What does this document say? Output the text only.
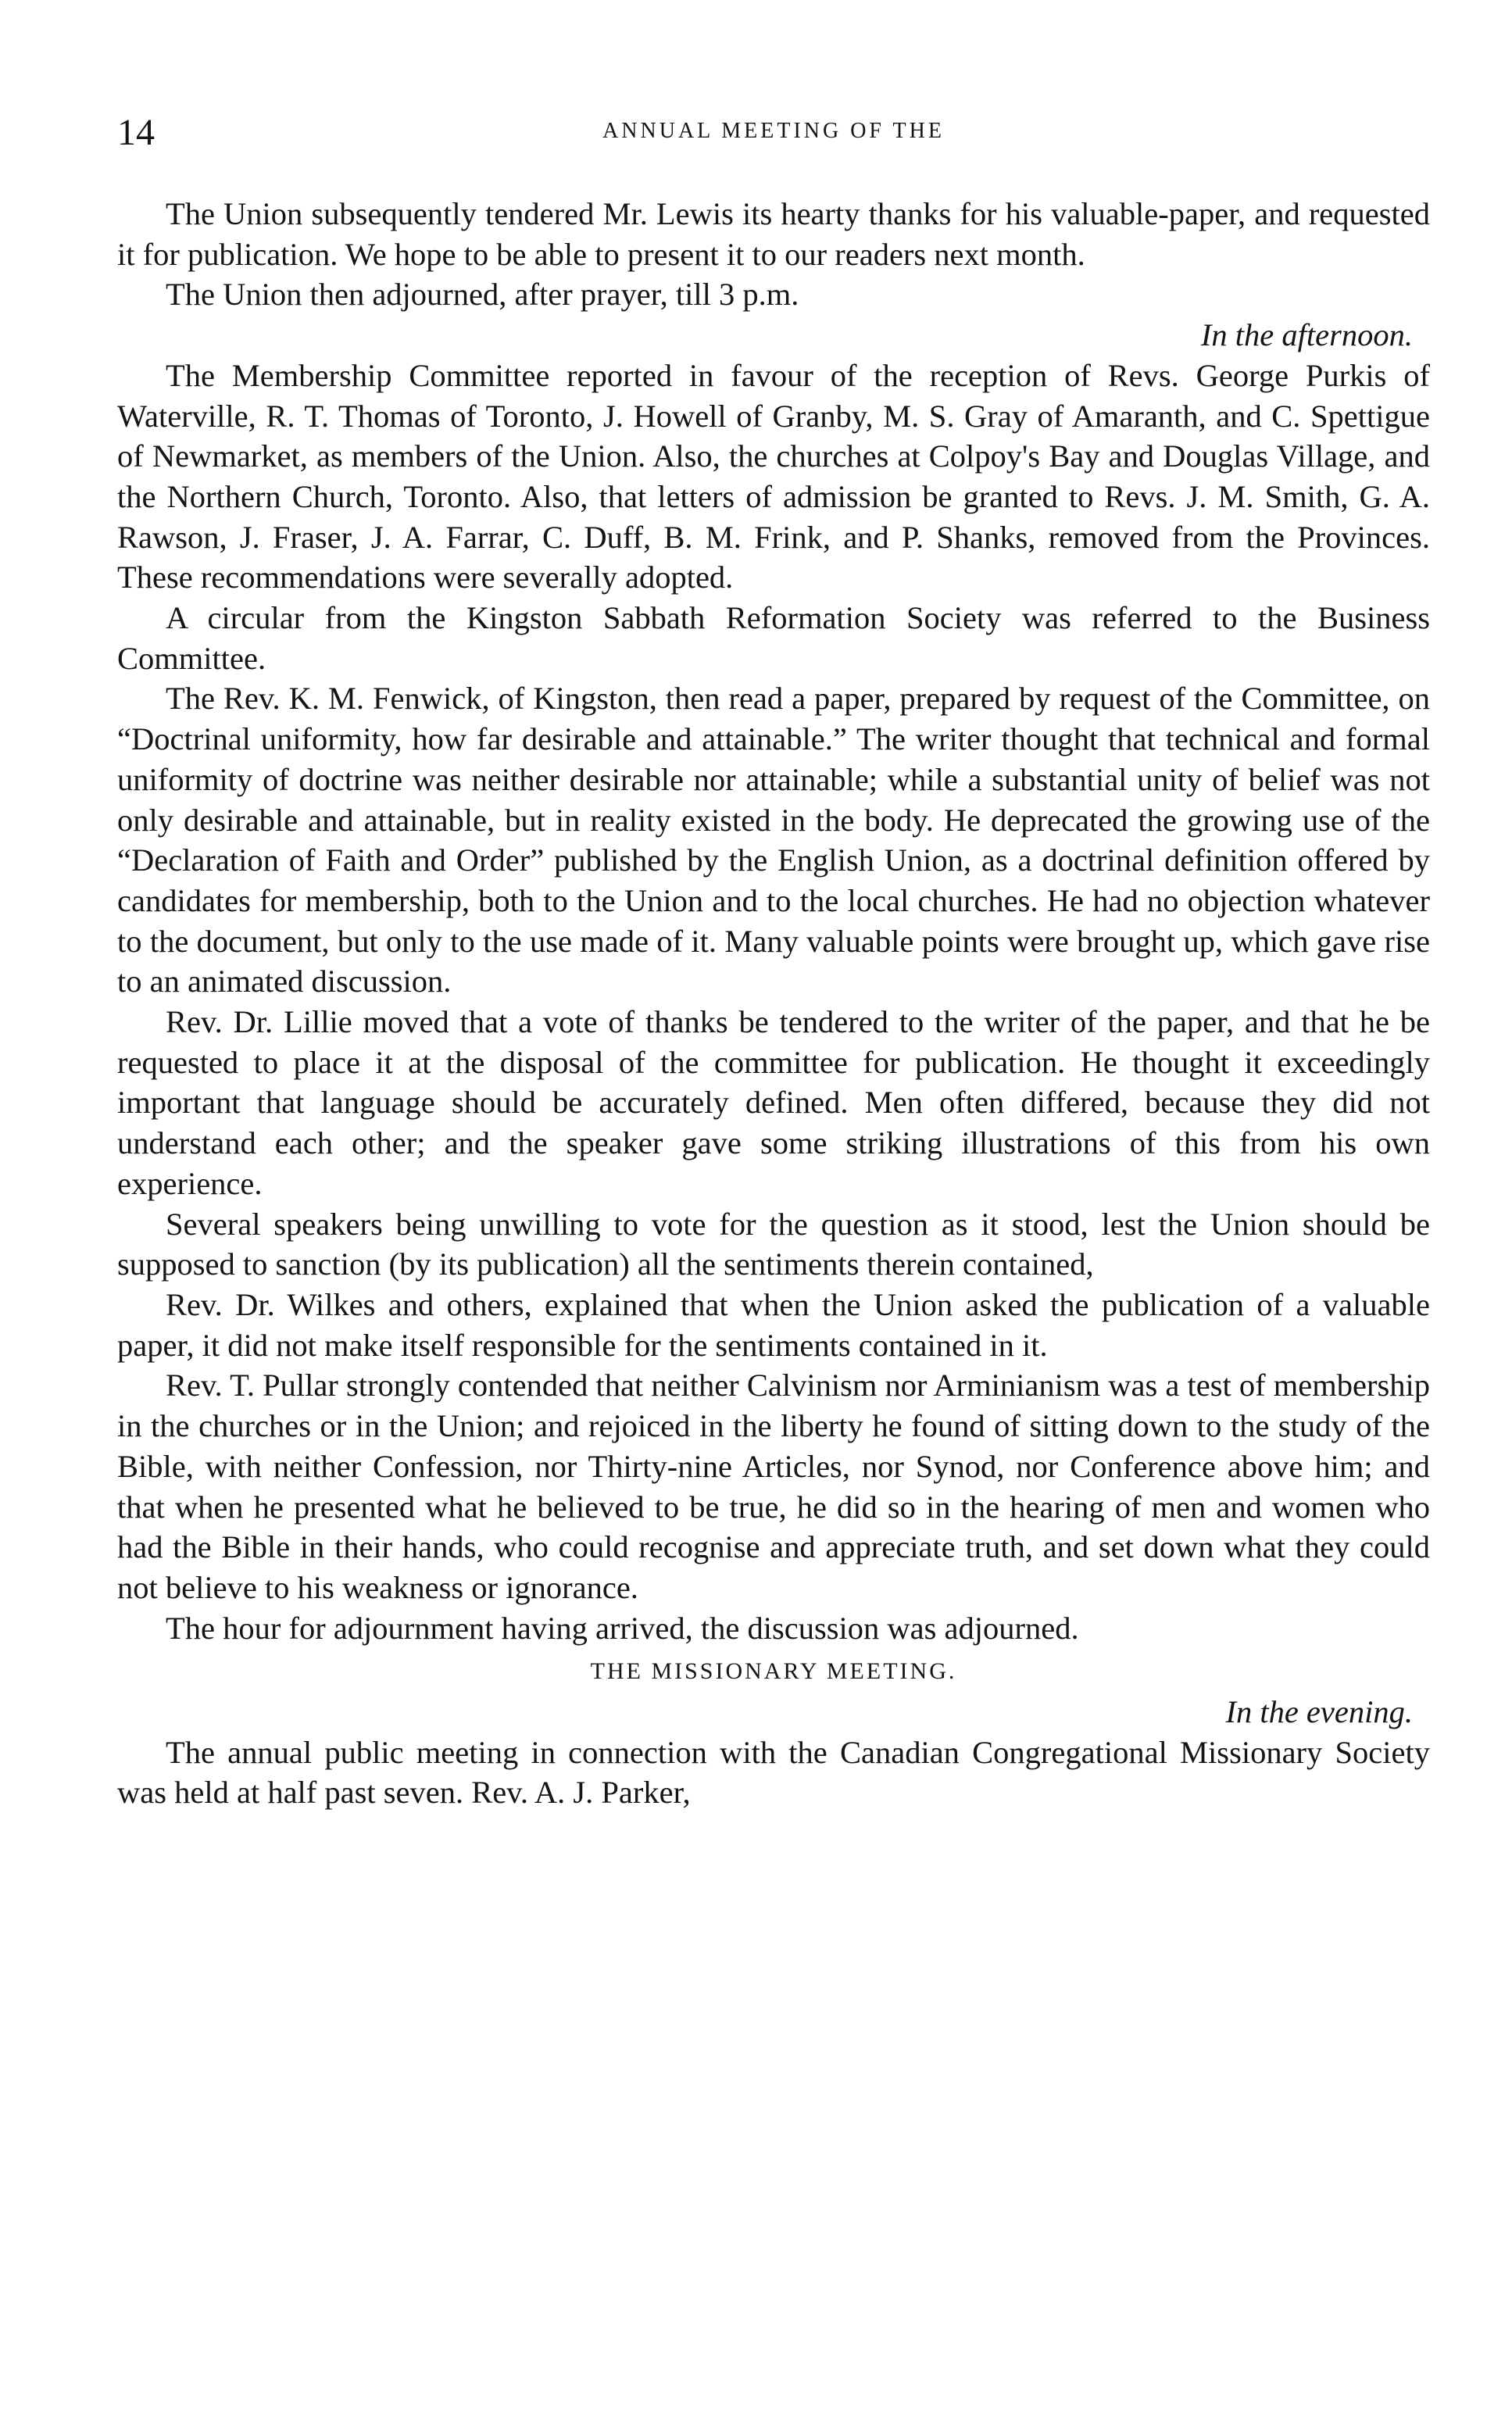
14	ANNUAL MEETING OF THE

The Union subsequently tendered Mr. Lewis its hearty thanks for his valuable-paper, and requested it for publication. We hope to be able to present it to our readers next month.

The Union then adjourned, after prayer, till 3 p.m.

In the afternoon.

The Membership Committee reported in favour of the reception of Revs. George Purkis of Waterville, R. T. Thomas of Toronto, J. Howell of Granby, M. S. Gray of Amaranth, and C. Spettigue of Newmarket, as members of the Union. Also, the churches at Colpoy's Bay and Douglas Village, and the Northern Church, Toronto. Also, that letters of admission be granted to Revs. J. M. Smith, G. A. Rawson, J. Fraser, J. A. Farrar, C. Duff, B. M. Frink, and P. Shanks, removed from the Provinces. These recommendations were severally adopted.

A circular from the Kingston Sabbath Reformation Society was referred to the Business Committee.

The Rev. K. M. Fenwick, of Kingston, then read a paper, prepared by request of the Committee, on “Doctrinal uniformity, how far desirable and attainable.” The writer thought that technical and formal uniformity of doctrine was neither desirable nor attainable; while a substantial unity of belief was not only desirable and attainable, but in reality existed in the body. He deprecated the growing use of the “Declaration of Faith and Order” published by the English Union, as a doctrinal definition offered by candidates for membership, both to the Union and to the local churches. He had no objection whatever to the document, but only to the use made of it. Many valuable points were brought up, which gave rise to an animated discussion.

Rev. Dr. Lillie moved that a vote of thanks be tendered to the writer of the paper, and that he be requested to place it at the disposal of the committee for publication. He thought it exceedingly important that language should be accurately defined. Men often differed, because they did not understand each other; and the speaker gave some striking illustrations of this from his own experience.

Several speakers being unwilling to vote for the question as it stood, lest the Union should be supposed to sanction (by its publication) all the sentiments therein contained,

Rev. Dr. Wilkes and others, explained that when the Union asked the publication of a valuable paper, it did not make itself responsible for the sentiments contained in it.

Rev. T. Pullar strongly contended that neither Calvinism nor Arminianism was a test of membership in the churches or in the Union; and rejoiced in the liberty he found of sitting down to the study of the Bible, with neither Confession, nor Thirty-nine Articles, nor Synod, nor Conference above him; and that when he presented what he believed to be true, he did so in the hearing of men and women who had the Bible in their hands, who could recognise and appreciate truth, and set down what they could not believe to his weakness or ignorance.

The hour for adjournment having arrived, the discussion was adjourned.

THE MISSIONARY MEETING.

In the evening.

The annual public meeting in connection with the Canadian Congregational Missionary Society was held at half past seven. Rev. A. J. Parker,
